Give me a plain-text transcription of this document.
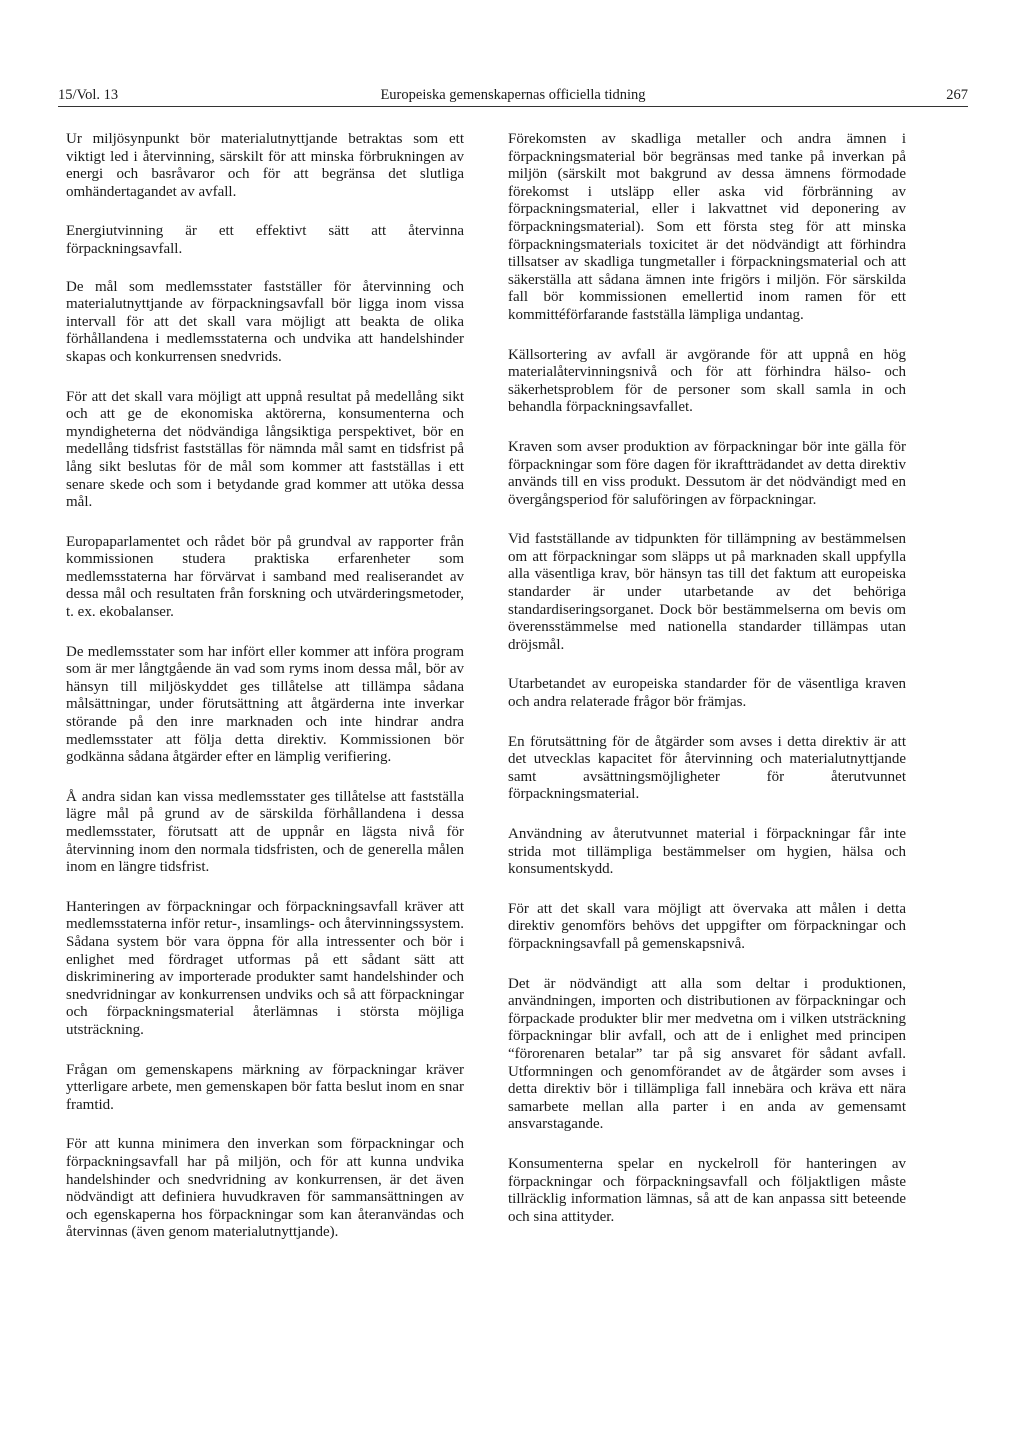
15/Vol. 13	Europeiska gemenskapernas officiella tidning	267

Ur miljösynpunkt bör materialutnyttjande betraktas som ett viktigt led i återvinning, särskilt för att minska förbrukningen av energi och basråvaror och för att begränsa det slutliga omhändertagandet av avfall.

Energiutvinning är ett effektivt sätt att återvinna förpackningsavfall.

De mål som medlemsstater fastställer för återvinning och materialutnyttjande av förpackningsavfall bör ligga inom vissa intervall för att det skall vara möjligt att beakta de olika förhållandena i medlemsstaterna och undvika att handelshinder skapas och konkurrensen snedvrids.

För att det skall vara möjligt att uppnå resultat på medellång sikt och att ge de ekonomiska aktörerna, konsumenterna och myndigheterna det nödvändiga långsiktiga perspektivet, bör en medellång tidsfrist fastställas för nämnda mål samt en tidsfrist på lång sikt beslutas för de mål som kommer att fastställas i ett senare skede och som i betydande grad kommer att utöka dessa mål.

Europaparlamentet och rådet bör på grundval av rapporter från kommissionen studera praktiska erfarenheter som medlemsstaterna har förvärvat i samband med realiserandet av dessa mål och resultaten från forskning och utvärderingsmetoder, t. ex. ekobalanser.

De medlemsstater som har infört eller kommer att införa program som är mer långtgående än vad som ryms inom dessa mål, bör av hänsyn till miljöskyddet ges tillåtelse att tillämpa sådana målsättningar, under förutsättning att åtgärderna inte inverkar störande på den inre marknaden och inte hindrar andra medlemsstater att följa detta direktiv. Kommissionen bör godkänna sådana åtgärder efter en lämplig verifiering.

Å andra sidan kan vissa medlemsstater ges tillåtelse att fastställa lägre mål på grund av de särskilda förhållandena i dessa medlemsstater, förutsatt att de uppnår en lägsta nivå för återvinning inom den normala tidsfristen, och de generella målen inom en längre tidsfrist.

Hanteringen av förpackningar och förpackningsavfall kräver att medlemsstaterna inför retur-, insamlings- och återvinningssystem. Sådana system bör vara öppna för alla intressenter och bör i enlighet med fördraget utformas på ett sådant sätt att diskriminering av importerade produkter samt handelshinder och snedvridningar av konkurrensen undviks och så att förpackningar och förpackningsmaterial återlämnas i största möjliga utsträckning.

Frågan om gemenskapens märkning av förpackningar kräver ytterligare arbete, men gemenskapen bör fatta beslut inom en snar framtid.

För att kunna minimera den inverkan som förpackningar och förpackningsavfall har på miljön, och för att kunna undvika handelshinder och snedvridning av konkurrensen, är det även nödvändigt att definiera huvudkraven för sammansättningen av och egenskaperna hos förpackningar som kan återanvändas och återvinnas (även genom materialutnyttjande).

Förekomsten av skadliga metaller och andra ämnen i förpackningsmaterial bör begränsas med tanke på inverkan på miljön (särskilt mot bakgrund av dessa ämnens förmodade förekomst i utsläpp eller aska vid förbränning av förpackningsmaterial, eller i lakvattnet vid deponering av förpackningsmaterial). Som ett första steg för att minska förpackningsmaterials toxicitet är det nödvändigt att förhindra tillsatser av skadliga tungmetaller i förpackningsmaterial och att säkerställa att sådana ämnen inte frigörs i miljön. För särskilda fall bör kommissionen emellertid inom ramen för ett kommittéförfarande fastställa lämpliga undantag.

Källsortering av avfall är avgörande för att uppnå en hög materialåtervinningsnivå och för att förhindra hälso- och säkerhetsproblem för de personer som skall samla in och behandla förpackningsavfallet.

Kraven som avser produktion av förpackningar bör inte gälla för förpackningar som före dagen för ikraftträdandet av detta direktiv används till en viss produkt. Dessutom är det nödvändigt med en övergångsperiod för saluföringen av förpackningar.

Vid fastställande av tidpunkten för tillämpning av bestämmelsen om att förpackningar som släpps ut på marknaden skall uppfylla alla väsentliga krav, bör hänsyn tas till det faktum att europeiska standarder är under utarbetande av det behöriga standardiseringsorganet. Dock bör bestämmelserna om bevis om överensstämmelse med nationella standarder tillämpas utan dröjsmål.

Utarbetandet av europeiska standarder för de väsentliga kraven och andra relaterade frågor bör främjas.

En förutsättning för de åtgärder som avses i detta direktiv är att det utvecklas kapacitet för återvinning och materialutnyttjande samt avsättningsmöjligheter för återutvunnet förpackningsmaterial.

Användning av återutvunnet material i förpackningar får inte strida mot tillämpliga bestämmelser om hygien, hälsa och konsumentskydd.

För att det skall vara möjligt att övervaka att målen i detta direktiv genomförs behövs det uppgifter om förpackningar och förpackningsavfall på gemenskapsnivå.

Det är nödvändigt att alla som deltar i produktionen, användningen, importen och distributionen av förpackningar och förpackade produkter blir mer medvetna om i vilken utsträckning förpackningar blir avfall, och att de i enlighet med principen “förorenaren betalar” tar på sig ansvaret för sådant avfall. Utformningen och genomförandet av de åtgärder som avses i detta direktiv bör i tillämpliga fall innebära och kräva ett nära samarbete mellan alla parter i en anda av gemensamt ansvarstagande.

Konsumenterna spelar en nyckelroll för hanteringen av förpackningar och förpackningsavfall och följaktligen måste tillräcklig information lämnas, så att de kan anpassa sitt beteende och sina attityder.
